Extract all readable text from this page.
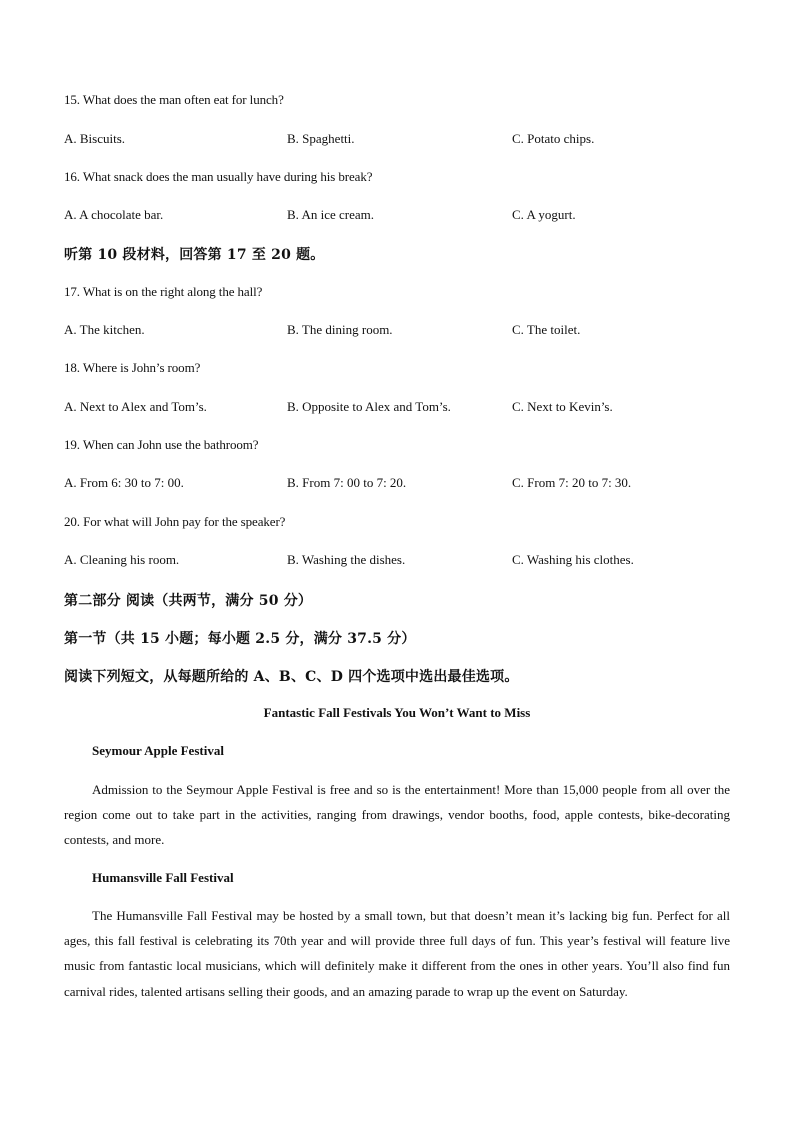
15. What does the man often eat for lunch?
A. Biscuits.	B. Spaghetti.	C. Potato chips.
16. What snack does the man usually have during his break?
A. A chocolate bar.	B. An ice cream.	C. A yogurt.
听第 10 段材料，回答第 17 至 20 题。
17. What is on the right along the hall?
A. The kitchen.	B. The dining room.	C. The toilet.
18. Where is John’s room?
A. Next to Alex and Tom’s.	B. Opposite to Alex and Tom’s.	C. Next to Kevin’s.
19. When can John use the bathroom?
A. From 6: 30 to 7: 00.	B. From 7: 00 to 7: 20.	C. From 7: 20 to 7: 30.
20. For what will John pay for the speaker?
A. Cleaning his room.	B. Washing the dishes.	C. Washing his clothes.
第二部分 阅读（共两节，满分 50 分）
第一节（共 15 小题；每小题 2.5 分，满分 37.5 分）
阅读下列短文，从每题所给的 A、B、C、D 四个选项中选出最佳选项。
Fantastic Fall Festivals You Won’t Want to Miss
Seymour Apple Festival

Admission to the Seymour Apple Festival is free and so is the entertainment! More than 15,000 people from all over the region come out to take part in the activities, ranging from drawings, vendor booths, food, apple contests, bike-decorating contests, and more.

Humansville Fall Festival

The Humansville Fall Festival may be hosted by a small town, but that doesn’t mean it’s lacking big fun. Perfect for all ages, this fall festival is celebrating its 70th year and will provide three full days of fun. This year’s festival will feature live music from fantastic local musicians, which will definitely make it different from the ones in other years. You’ll also find fun carnival rides, talented artisans selling their goods, and an amazing parade to wrap up the event on Saturday.
